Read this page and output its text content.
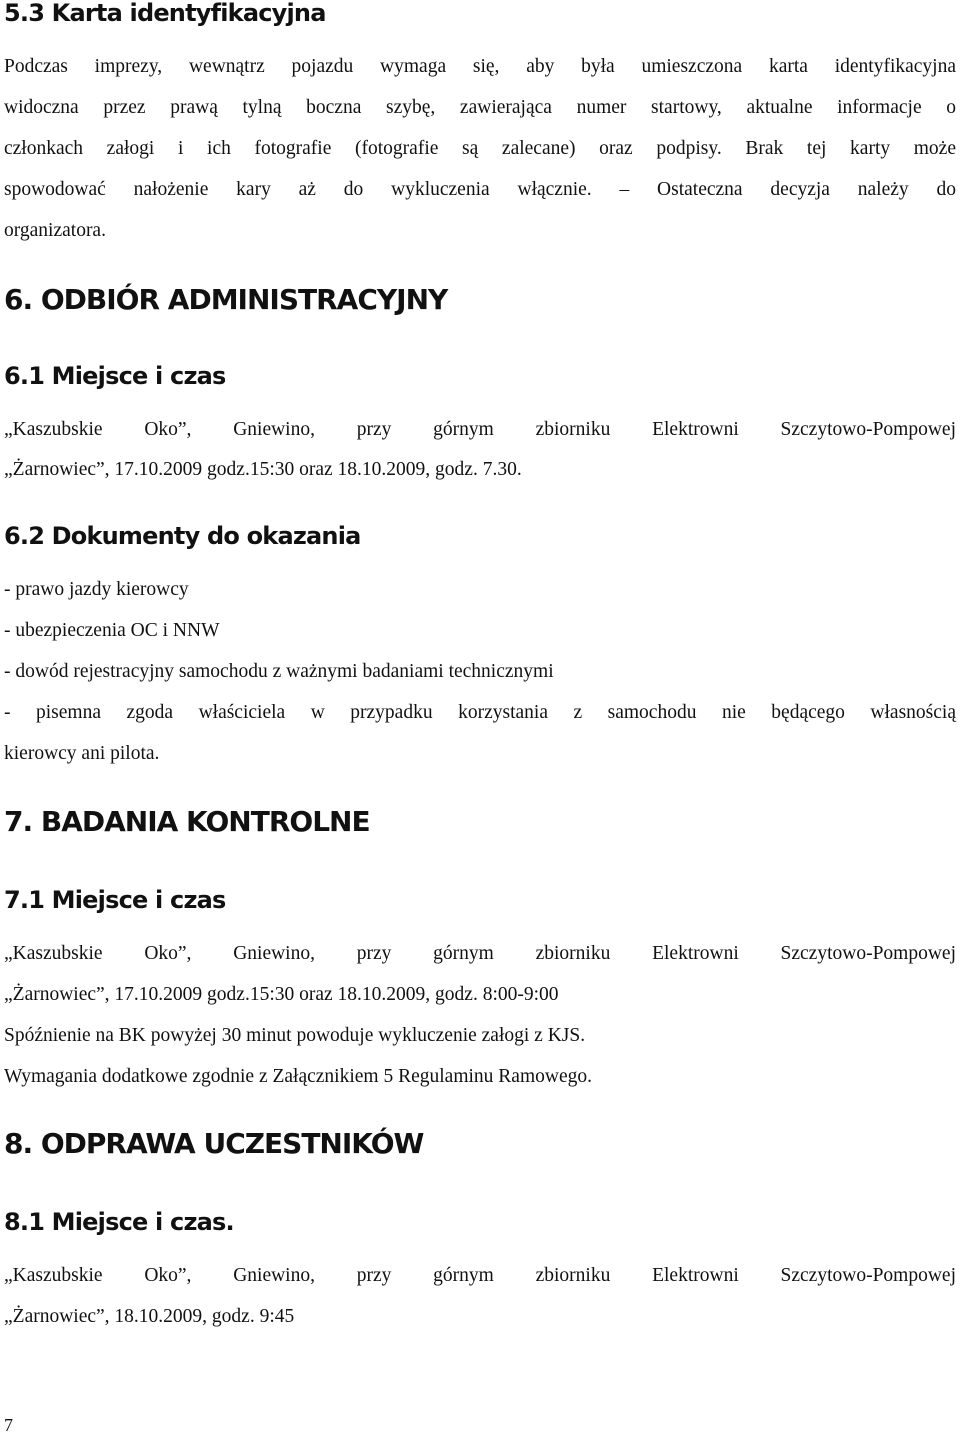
5.3 Karta identyfikacyjna
Podczas imprezy, wewnątrz pojazdu wymaga się, aby była umieszczona karta identyfikacyjna
widoczna przez prawą tylną boczna szybę, zawierająca numer startowy, aktualne informacje o
członkach załogi i ich fotografie (fotografie są zalecane) oraz podpisy. Brak tej karty może
spowodować nałożenie kary aż do wykluczenia włącznie. – Ostateczna decyzja należy do
organizatora.
6. ODBIÓR ADMINISTRACYJNY
6.1 Miejsce i czas
„Kaszubskie Oko”, Gniewino, przy górnym zbiorniku Elektrowni Szczytowo-Pompowej
„Żarnowiec”, 17.10.2009 godz.15:30 oraz 18.10.2009, godz. 7.30.
6.2 Dokumenty do okazania
- prawo jazdy kierowcy
- ubezpieczenia OC i NNW
- dowód rejestracyjny samochodu z ważnymi badaniami technicznymi
- pisemna zgoda właściciela w przypadku korzystania z samochodu nie będącego własnością
kierowcy ani pilota.
7. BADANIA KONTROLNE
7.1 Miejsce i czas
„Kaszubskie Oko”, Gniewino, przy górnym zbiorniku Elektrowni Szczytowo-Pompowej
„Żarnowiec”, 17.10.2009 godz.15:30 oraz 18.10.2009, godz. 8:00-9:00
Spóźnienie na BK powyżej 30 minut powoduje wykluczenie załogi z KJS.
Wymagania dodatkowe zgodnie z Załącznikiem 5 Regulaminu Ramowego.
8. ODPRAWA UCZESTNIKÓW
8.1 Miejsce i czas.
„Kaszubskie Oko”, Gniewino, przy górnym zbiorniku Elektrowni Szczytowo-Pompowej
„Żarnowiec”, 18.10.2009, godz. 9:45
7
